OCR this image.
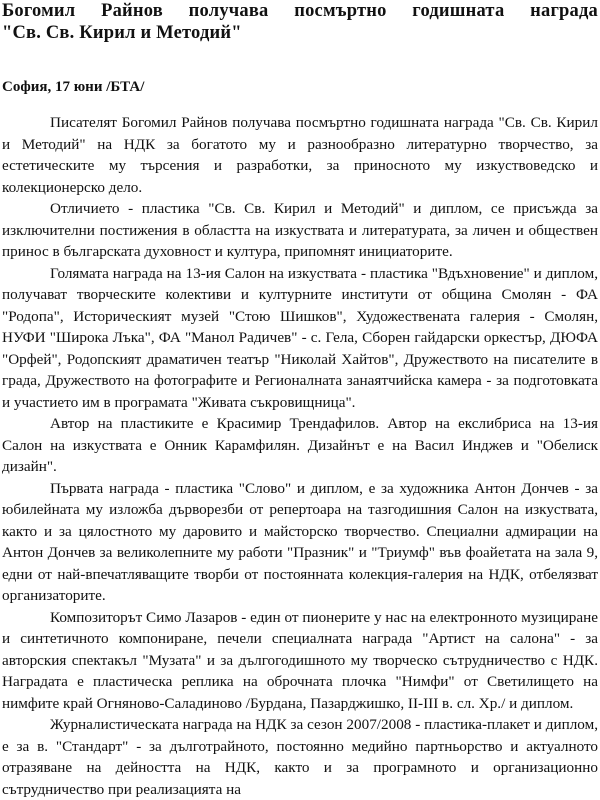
Богомил Райнов получава посмъртно годишната награда
"Св. Св. Кирил и Методий"

София, 17 юни /БТА/

Писателят Богомил Райнов получава посмъртно годишната награда "Св. Св. Кирил и Методий" на НДК за богатото му и разнообразно литературно творчество, за естетическите му търсения и разработки, за приносното му изкуствоведско и колекционерско дело.

Отличието - пластика "Св. Св. Кирил и Методий" и диплом, се присъжда за изключителни постижения в областта на изкуствата и литературата, за личен и обществен принос в българската духовност и култура, припомнят инициаторите.

Голямата награда на 13-ия Салон на изкуствата - пластика "Вдъхновение" и диплом, получават творческите колективи и културните институти от община Смолян - ФА "Родопа", Историческият музей "Стою Шишков", Художествената галерия - Смолян, НУФИ "Широка Лъка", ФА "Манол Радичев" - с. Гела, Сборен гайдарски оркестър, ДЮФА "Орфей", Родопският драматичен театър "Николай Хайтов", Дружеството на писателите в града, Дружеството на фотографите и Регионалната занаятчийска камера - за подготовката и участието им в програмата "Живата съкровищница".

Автор на пластиките е Красимир Трендафилов. Автор на екслибриса на 13-ия Салон на изкуствата е Онник Карамфилян. Дизайнът е на Васил Инджев и "Обелиск дизайн".

Първата награда - пластика "Слово" и диплом, е за художника Антон Дончев - за юбилейната му изложба дърворезби от репертоара на тазгодишния Салон на изкуствата, както и за цялостното му даровито и майсторско творчество. Специални адмирации на Антон Дончев за великолепните му работи "Празник" и "Триумф" във фоайетата на зала 9, едни от най-впечатляващите творби от постоянната колекция-галерия на НДК, отбелязват организаторите.

Композиторът Симо Лазаров - един от пионерите у нас на електронното музициране и синтетичното компониране, печели специалната награда "Артист на салона" - за авторския спектакъл "Музата" и за дългогодишното му творческо сътрудничество с НДК. Наградата е пластическа реплика на оброчната плочка "Нимфи" от Светилището на нимфите край Огняново-Саладиново /Бурдана, Пазарджишко, II-III в. сл. Хр./ и диплом.

Журналистическата награда на НДК за сезон 2007/2008 - пластика-плакет и диплом, е за в. "Стандарт" - за дълготрайното, постоянно медийно партньорство и актуалното отразяване на дейността на НДК, както и за програмното и организационно сътрудничество при реализацията на
